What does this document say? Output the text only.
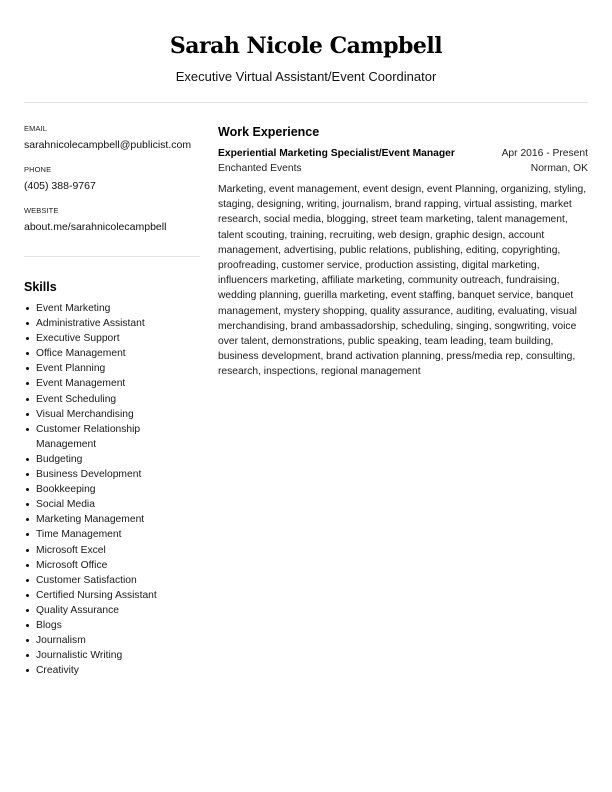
Sarah Nicole Campbell
Executive Virtual Assistant/Event Coordinator
EMAIL
sarahnicolecampbell@publicist.com
PHONE
(405) 388-9767
WEBSITE
about.me/sarahnicolecampbell
Skills
Event Marketing
Administrative Assistant
Executive Support
Office Management
Event Planning
Event Management
Event Scheduling
Visual Merchandising
Customer Relationship Management
Budgeting
Business Development
Bookkeeping
Social Media
Marketing Management
Time Management
Microsoft Excel
Microsoft Office
Customer Satisfaction
Certified Nursing Assistant
Quality Assurance
Blogs
Journalism
Journalistic Writing
Creativity
Work Experience
Experiential Marketing Specialist/Event Manager	Apr 2016 - Present
Enchanted Events	Norman, OK
Marketing, event management, event design, event Planning, organizing, styling, staging, designing, writing, journalism, brand rapping, virtual assisting, market research, social media, blogging, street team marketing, talent management, talent scouting, training, recruiting, web design, graphic design, account management, advertising, public relations, publishing, editing, copyrighting, proofreading, customer service, production assisting, digital marketing, influencers marketing, affiliate marketing, community outreach, fundraising, wedding planning, guerilla marketing, event staffing, banquet service, banquet management, mystery shopping, quality assurance, auditing, evaluating, visual merchandising, brand ambassadorship, scheduling, singing, songwriting, voice over talent, demonstrations, public speaking, team leading, team building, business development, brand activation planning, press/media rep, consulting, research, inspections, regional management
